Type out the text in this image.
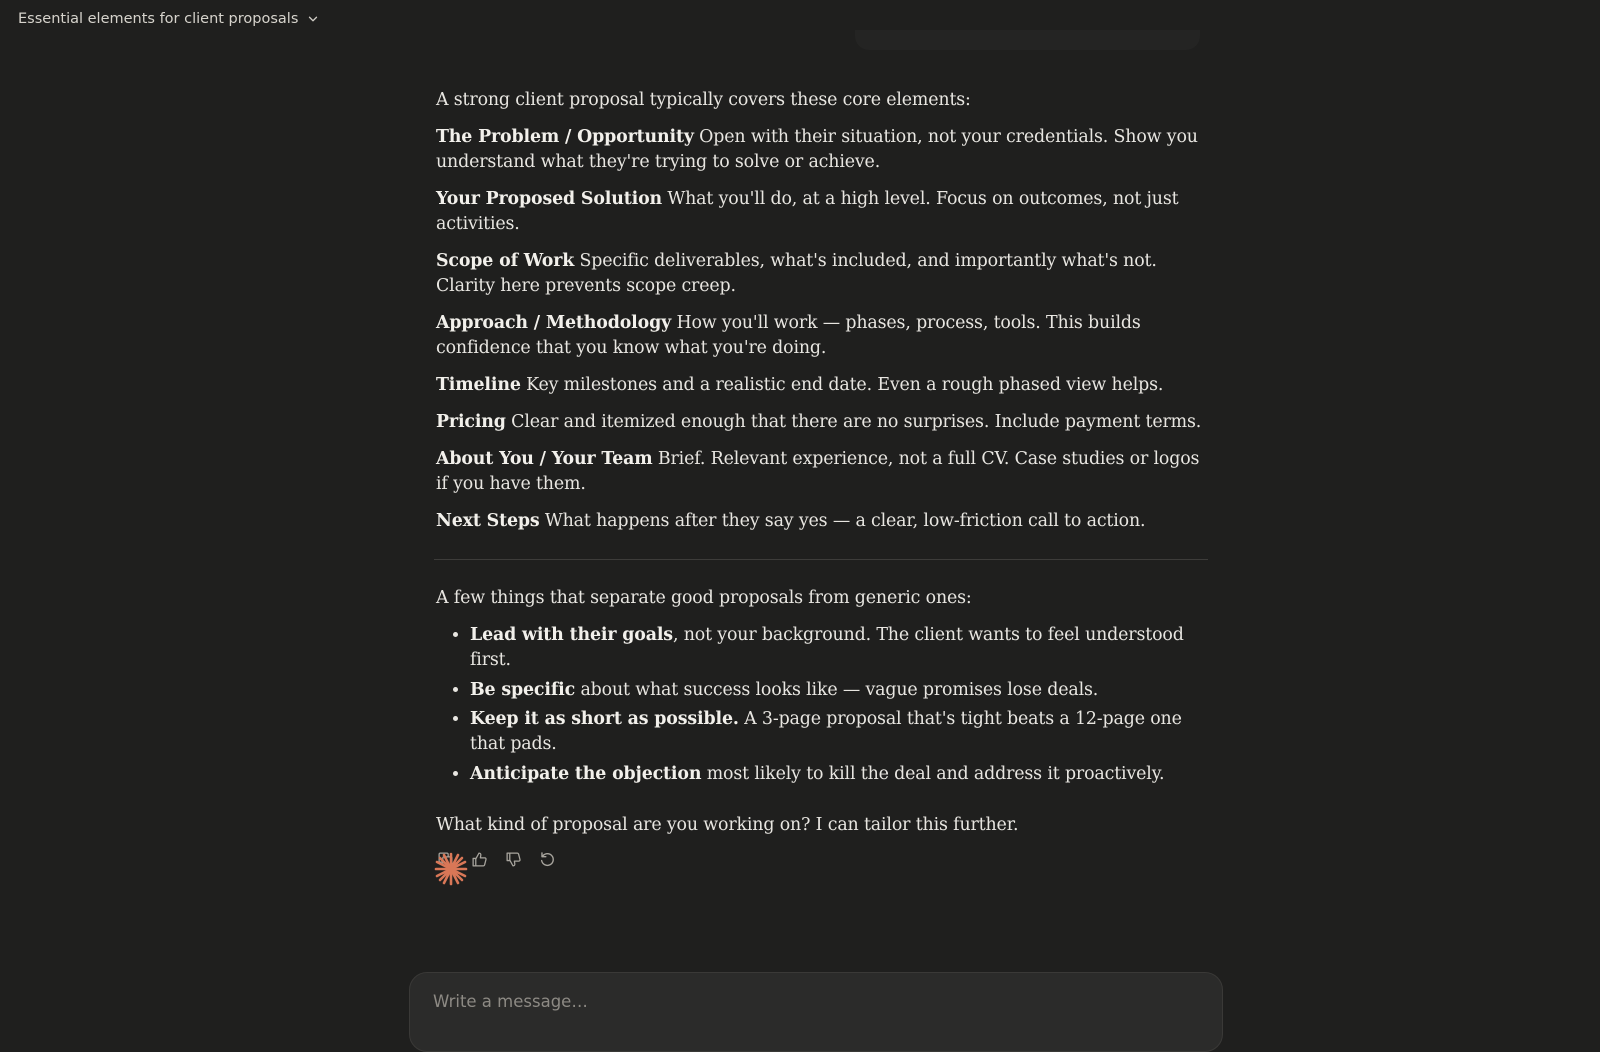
Essential elements for client proposals

A strong client proposal typically covers these core elements:

The Problem / Opportunity Open with their situation, not your credentials. Show you understand what they're trying to solve or achieve.

Your Proposed Solution What you'll do, at a high level. Focus on outcomes, not just activities.

Scope of Work Specific deliverables, what's included, and importantly what's not. Clarity here prevents scope creep.

Approach / Methodology How you'll work — phases, process, tools. This builds confidence that you know what you're doing.

Timeline Key milestones and a realistic end date. Even a rough phased view helps.

Pricing Clear and itemized enough that there are no surprises. Include payment terms.

About You / Your Team Brief. Relevant experience, not a full CV. Case studies or logos if you have them.

Next Steps What happens after they say yes — a clear, low-friction call to action.

A few things that separate good proposals from generic ones:

• Lead with their goals, not your background. The client wants to feel understood first.
• Be specific about what success looks like — vague promises lose deals.
• Keep it as short as possible. A 3-page proposal that's tight beats a 12-page one that pads.
• Anticipate the objection most likely to kill the deal and address it proactively.

What kind of proposal are you working on? I can tailor this further.

Write a message…
